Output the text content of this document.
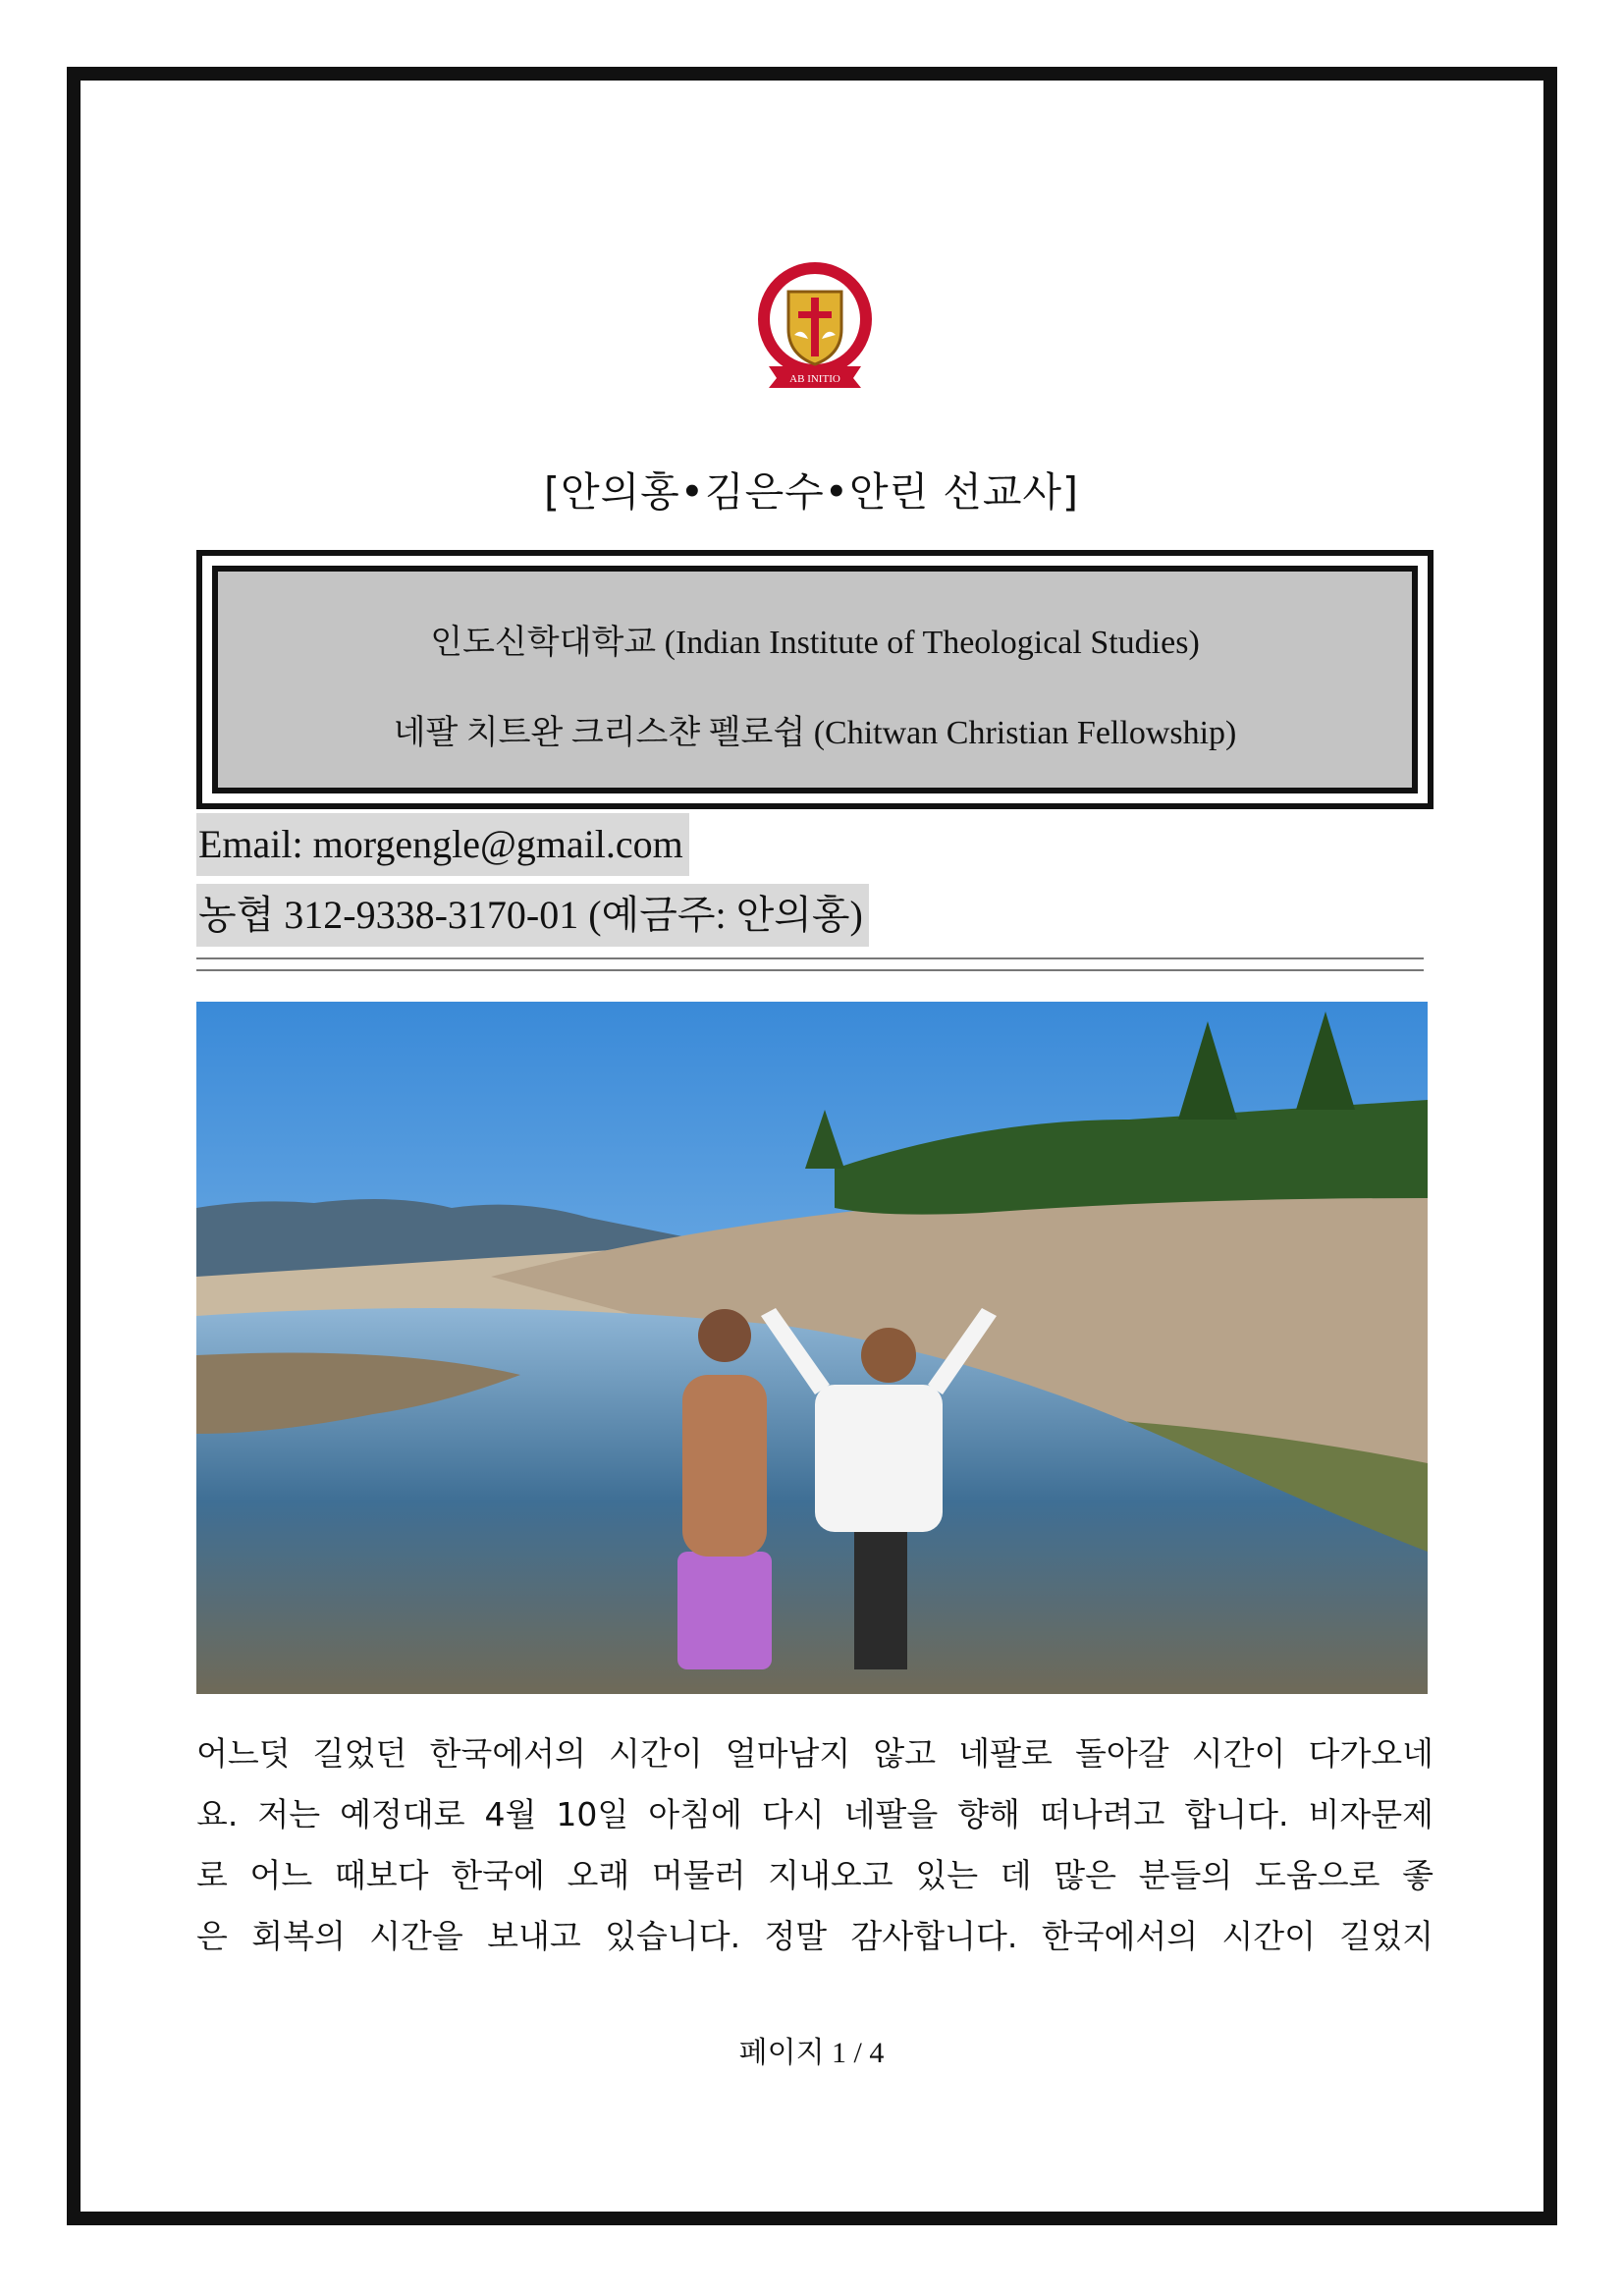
AB INITIO
[안의홍•김은수•안린 선교사]
인도신학대학교 (Indian Institute of Theological Studies)
네팔 치트완 크리스챤 펠로쉽 (Chitwan Christian Fellowship)
Email: morgengle@gmail.com
농협 312-9338-3170-01 (예금주: 안의홍)
어느덧 길었던 한국에서의 시간이 얼마남지 않고 네팔로 돌아갈 시간이 다가오네
요. 저는 예정대로 4월 10일 아침에 다시 네팔을 향해 떠나려고 합니다. 비자문제
로 어느 때보다 한국에 오래 머물러 지내오고 있는 데 많은 분들의 도움으로 좋
은 회복의 시간을 보내고 있습니다. 정말 감사합니다. 한국에서의 시간이 길었지
페이지 1 / 4
